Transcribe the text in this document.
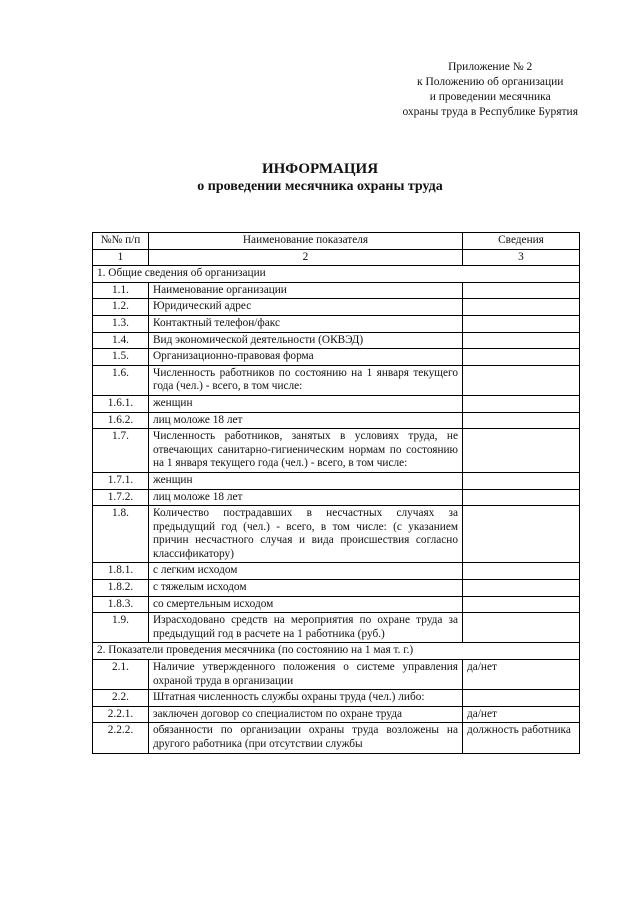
Приложение № 2
к Положению об организации
и проведении месячника
охраны труда в Республике Бурятия
ИНФОРМАЦИЯ
о проведении месячника охраны труда
№№ п/п	Наименование показателя	Сведения
1	2	3
1. Общие сведения об организации		
1.1.	Наименование организации	
1.2.	Юридический адрес	
1.3.	Контактный телефон/факс	
1.4.	Вид экономической деятельности (ОКВЭД)	
1.5.	Организационно-правовая форма	
1.6.	Численность работников по состоянию на 1 января текущего года (чел.) - всего, в том числе:	
1.6.1.	женщин	
1.6.2.	лиц моложе 18 лет	
1.7.	Численность работников, занятых в условиях труда, не отвечающих санитарно-гигиеническим нормам по состоянию на 1 января текущего года (чел.) - всего, в том числе:	
1.7.1.	женщин	
1.7.2.	лиц моложе 18 лет	
1.8.	Количество пострадавших в несчастных случаях за предыдущий год (чел.) - всего, в том числе: (с указанием причин несчастного случая и вида происшествия согласно классификатору)	
1.8.1.	с легким исходом	
1.8.2.	с тяжелым исходом	
1.8.3.	со смертельным исходом	
1.9.	Израсходовано средств на мероприятия по охране труда за предыдущий год в расчете на 1 работника (руб.)	
2. Показатели проведения месячника (по состоянию на 1 мая т. г.)		
2.1.	Наличие утвержденного положения о системе управления охраной труда в организации	да/нет
2.2.	Штатная численность службы охраны труда (чел.) либо:	
2.2.1.	заключен договор со специалистом по охране труда	да/нет
2.2.2.	обязанности по организации охраны труда возложены на другого работника (при отсутствии службы	должность работника
